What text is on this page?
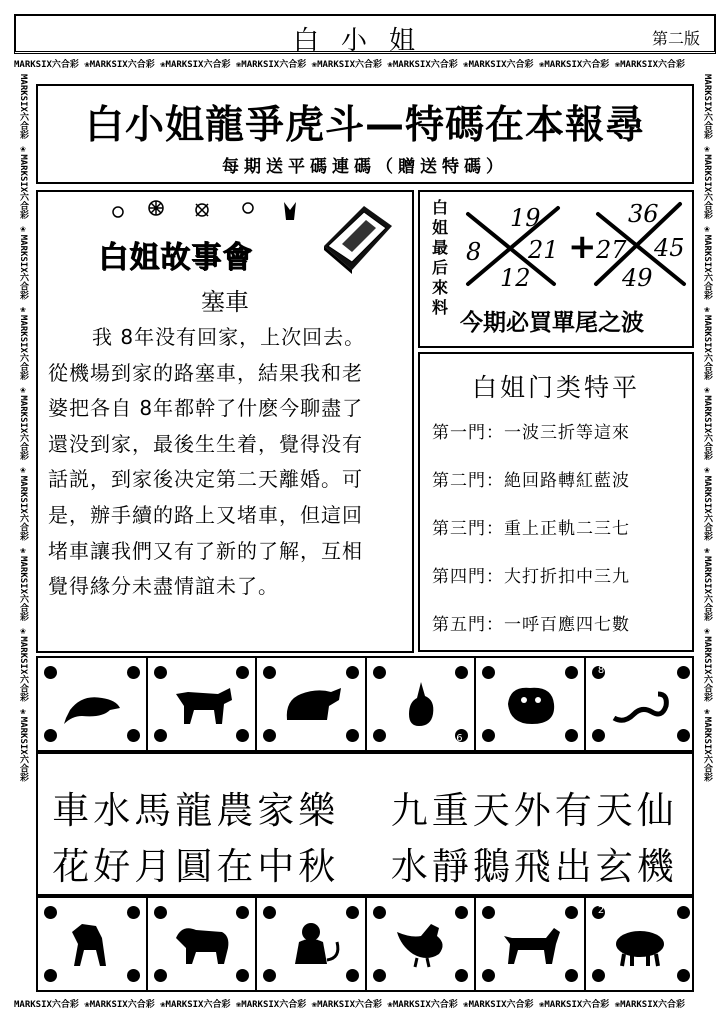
白小姐	第二版
MARKSIX六合彩 ❀MARKSIX六合彩 ❀MARKSIX六合彩 ❀MARKSIX六合彩 ❀MARKSIX六合彩 ❀MARKSIX六合彩 ❀MARKSIX六合彩 ❀MARKSIX六合彩 ❀MARKSIX六合彩
MARKSIX六合彩 ❀MARKSIX六合彩 ❀MARKSIX六合彩 ❀MARKSIX六合彩 ❀MARKSIX六合彩 ❀MARKSIX六合彩 ❀MARKSIX六合彩 ❀MARKSIX六合彩 ❀MARKSIX六合彩
MARKSIX六合彩 ❀MARKSIX六合彩 ❀MARKSIX六合彩 ❀MARKSIX六合彩 ❀MARKSIX六合彩 ❀MARKSIX六合彩 ❀MARKSIX六合彩 ❀MARKSIX六合彩 ❀MARKSIX六合彩	MARKSIX六合彩 ❀MARKSIX六合彩 ❀MARKSIX六合彩 ❀MARKSIX六合彩 ❀MARKSIX六合彩 ❀MARKSIX六合彩 ❀MARKSIX六合彩 ❀MARKSIX六合彩 ❀MARKSIX六合彩
白小姐龍爭虎斗—特碼在本報尋
每期送平碼連碼（贈送特碼）
白姐故事會
塞車
我 8年没有回家，上次回去。
從機場到家的路塞車，結果我和老
婆把各自 8年都幹了什麽今聊盡了
還没到家，最後生生着，覺得没有
話説，到家後决定第二天離婚。可
是，辦手續的路上又堵車，但這回
堵車讓我們又有了新的了解，互相
覺得緣分未盡情誼未了。
白姐最后來料
19
8 21
12
27
36
45
49
+
今期必買單尾之波
白姐门类特平
第一門：一波三折等這來
第二門：絶回路轉紅藍波
第三門：重上正軌二三七
第四門：大打折扣中三九
第五門：一呼百應四七數
6
8
車水馬龍農家樂 九重天外有天仙
花好月圓在中秋 水靜鵝飛出玄機
2
